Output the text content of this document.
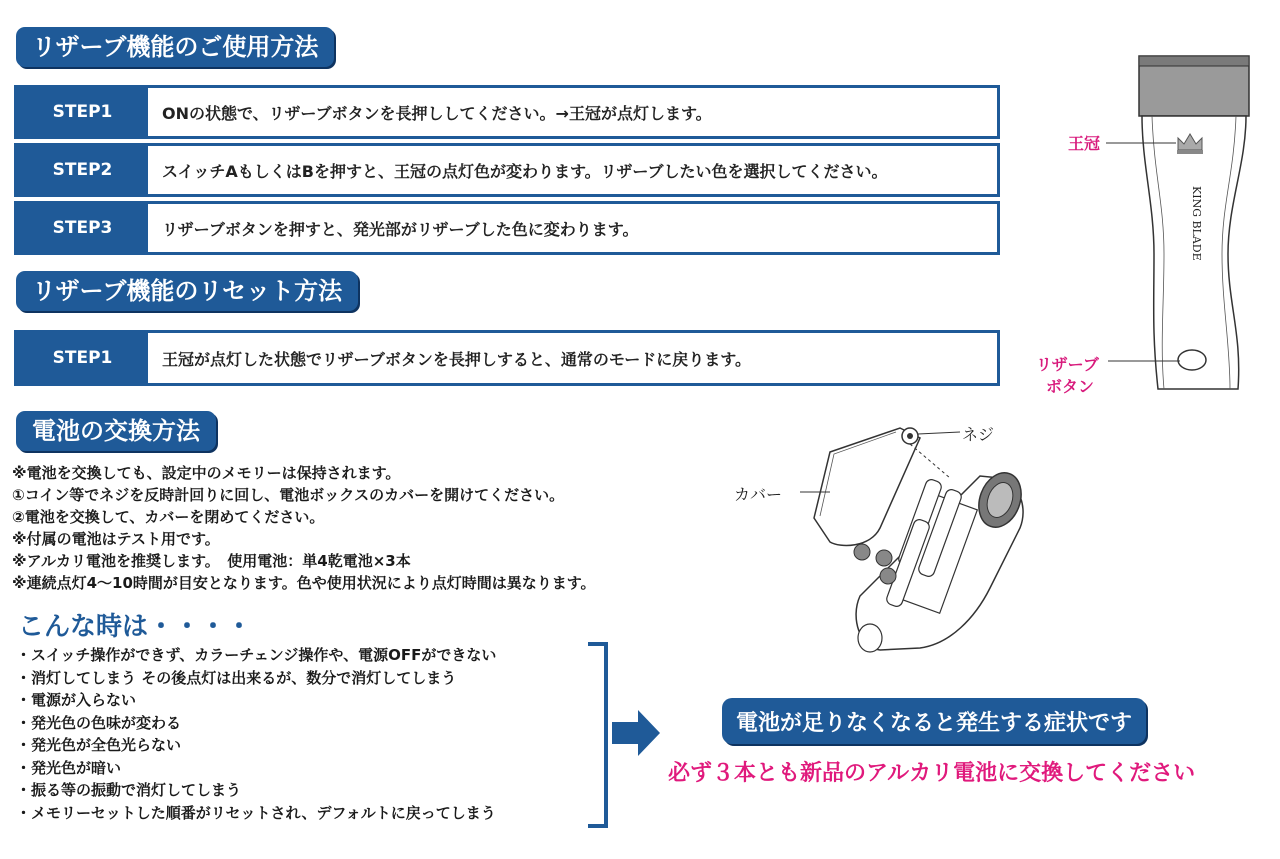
リザーブ機能のご使用方法
STEP1	ONの状態で、リザーブボタンを長押ししてください。→王冠が点灯します。
STEP2	スイッチAもしくはBを押すと、王冠の点灯色が変わります。リザーブしたい色を選択してください。
STEP3	リザーブボタンを押すと、発光部がリザーブした色に変わります。
リザーブ機能のリセット方法
STEP1	王冠が点灯した状態でリザーブボタンを長押しすると、通常のモードに戻ります。
電池の交換方法
※電池を交換しても、設定中のメモリーは保持されます。
①コイン等でネジを反時計回りに回し、電池ボックスのカバーを開けてください。
②電池を交換して、カバーを閉めてください。
※付属の電池はテスト用です。
※アルカリ電池を推奨します。　使用電池：単4乾電池×3本
※連続点灯4～10時間が目安となります。色や使用状況により点灯時間は異なります。
こんな時は・・・・
・スイッチ操作ができず、カラーチェンジ操作や、電源OFFができない
・消灯してしまう その後点灯は出来るが、数分で消灯してしまう
・電源が入らない
・発光色の色味が変わる
・発光色が全色光らない
・発光色が暗い
・振る等の振動で消灯してしまう
・メモリーセットした順番がリセットされ、デフォルトに戻ってしまう
電池が足りなくなると発生する症状です
必ず３本とも新品のアルカリ電池に交換してください
KING BLADE
王冠
リザーブ
ボタン
ネジ
カバー
